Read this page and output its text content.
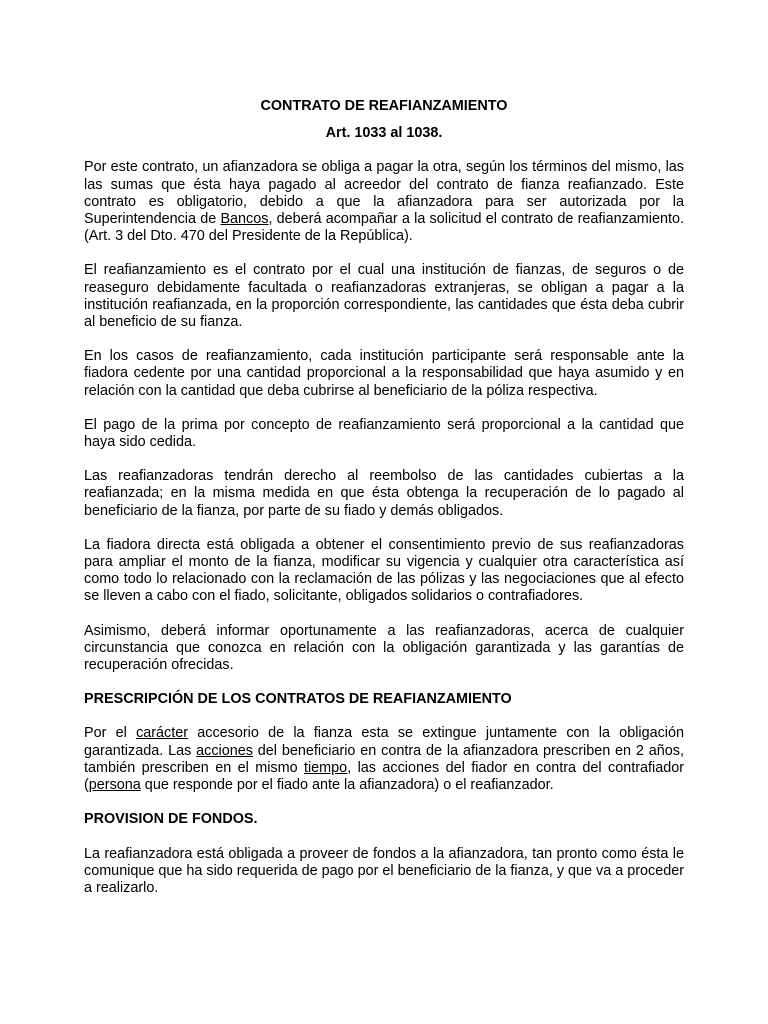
CONTRATO DE REAFIANZAMIENTO

Art. 1033 al 1038.

Por este contrato, un afianzadora se obliga a pagar la otra, según los términos del mismo, las las sumas que ésta haya pagado al acreedor del contrato de fianza reafianzado. Este contrato es obligatorio, debido a que la afianzadora para ser autorizada por la Superintendencia de Bancos, deberá acompañar a la solicitud el contrato de reafianzamiento. (Art. 3 del Dto. 470 del Presidente de la República).

El reafianzamiento es el contrato por el cual una institución de fianzas, de seguros o de reaseguro debidamente facultada o reafianzadoras extranjeras, se obligan a pagar a la institución reafianzada, en la proporción correspondiente, las cantidades que ésta deba cubrir al beneficio de su fianza.

En los casos de reafianzamiento, cada institución participante será responsable ante la fiadora cedente por una cantidad proporcional a la responsabilidad que haya asumido y en relación con la cantidad que deba cubrirse al beneficiario de la póliza respectiva.

El pago de la prima por concepto de reafianzamiento será proporcional a la cantidad que haya sido cedida.

Las reafianzadoras tendrán derecho al reembolso de las cantidades cubiertas a la reafianzada; en la misma medida en que ésta obtenga la recuperación de lo pagado al beneficiario de la fianza, por parte de su fiado y demás obligados.

La fiadora directa está obligada a obtener el consentimiento previo de sus reafianzadoras para ampliar el monto de la fianza, modificar su vigencia y cualquier otra característica así como todo lo relacionado con la reclamación de las pólizas y las negociaciones que al efecto se lleven a cabo con el fiado, solicitante, obligados solidarios o contrafiadores.

Asimismo, deberá informar oportunamente a las reafianzadoras, acerca de cualquier circunstancia que conozca en relación con la obligación garantizada y las garantías de recuperación ofrecidas.

PRESCRIPCIÓN DE LOS CONTRATOS DE REAFIANZAMIENTO

Por el carácter accesorio de la fianza esta se extingue juntamente con la obligación garantizada. Las acciones del beneficiario en contra de la afianzadora prescriben en 2 años, también prescriben en el mismo tiempo, las acciones del fiador en contra del contrafiador (persona que responde por el fiado ante la afianzadora) o el reafianzador.

PROVISION DE FONDOS.

La reafianzadora está obligada a proveer de fondos a la afianzadora, tan pronto como ésta le comunique que ha sido requerida de pago por el beneficiario de la fianza, y que va a proceder a realizarlo.
